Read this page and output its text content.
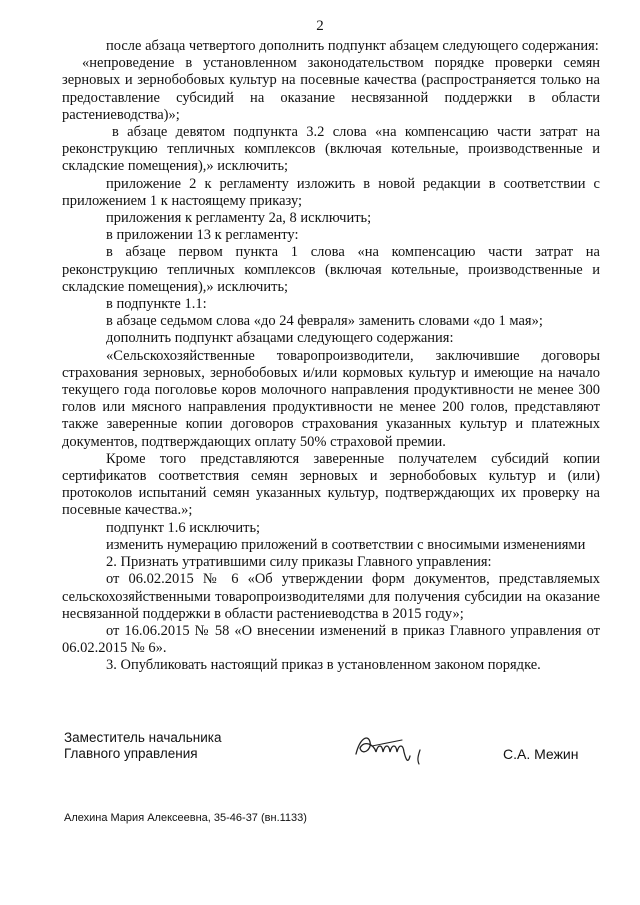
2

после абзаца четвертого дополнить подпункт абзацем следующего содержания:

«непроведение в установленном законодательством порядке проверки семян зерновых и зернобобовых культур на посевные качества (распространяется только на предоставление субсидий на оказание несвязанной поддержки в области растениеводства)»;

в абзаце девятом подпункта 3.2 слова «на компенсацию части затрат на реконструкцию тепличных комплексов (включая котельные, производственные и складские помещения),» исключить;

приложение 2 к регламенту изложить в новой редакции в соответствии с приложением 1 к настоящему приказу;

приложения к регламенту 2а, 8 исключить;

в приложении 13 к регламенту:

в абзаце первом пункта 1 слова «на компенсацию части затрат на реконструкцию тепличных комплексов (включая котельные, производственные и складские помещения),» исключить;

в подпункте 1.1:

в абзаце седьмом слова «до 24 февраля» заменить словами «до 1 мая»;

дополнить подпункт абзацами следующего содержания:

«Сельскохозяйственные товаропроизводители, заключившие договоры страхования зерновых, зернобобовых и/или кормовых культур и имеющие на начало текущего года поголовье коров молочного направления продуктивности не менее 300 голов или мясного направления продуктивности не менее 200 голов, представляют также заверенные копии договоров страхования указанных культур и платежных документов, подтверждающих оплату 50% страховой премии.

Кроме того представляются заверенные получателем субсидий копии сертификатов соответствия семян зерновых и зернобобовых культур и (или) протоколов испытаний семян указанных культур, подтверждающих их проверку на посевные качества.»;

подпункт 1.6 исключить;

изменить нумерацию приложений в соответствии с вносимыми изменениями

2. Признать утратившими силу приказы Главного управления:

от 06.02.2015 № 6 «Об утверждении форм документов, представляемых сельскохозяйственными товаропроизводителями для получения субсидии на оказание несвязанной поддержки в области растениеводства в 2015 году»;

от 16.06.2015 № 58 «О внесении изменений в приказ Главного управления от 06.02.2015 № 6».

3. Опубликовать настоящий приказ в установленном законом порядке.

Заместитель начальника
Главного управления	С.А. Межин
Алехина Мария Алексеевна, 35-46-37 (вн.1133)
